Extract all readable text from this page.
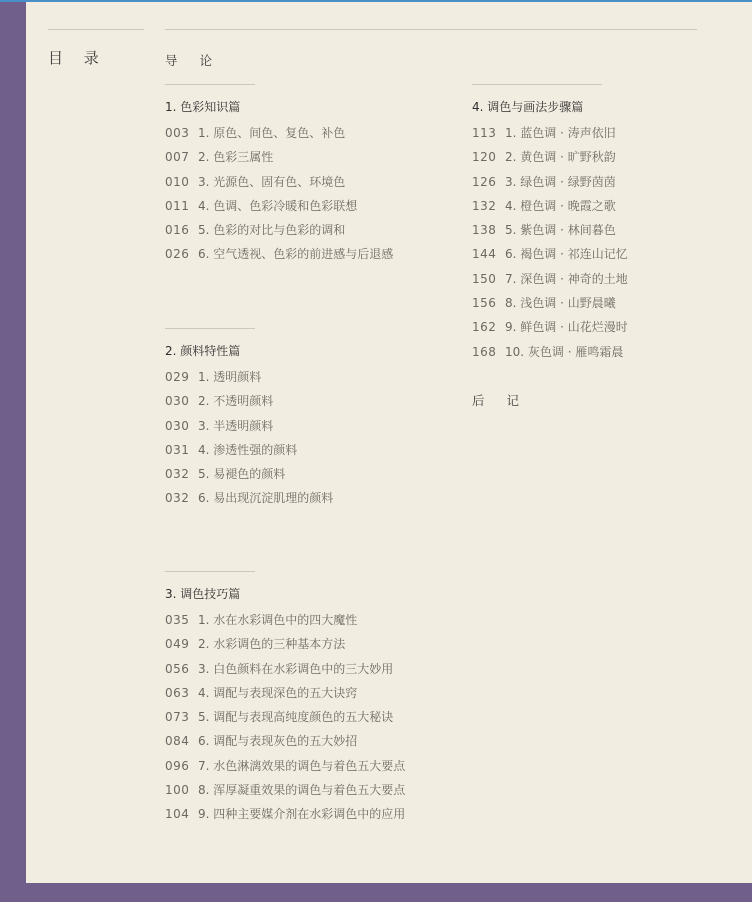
目 录	导 论
1. 色彩知识篇
003 1. 原色、间色、复色、补色
007 2. 色彩三属性
010 3. 光源色、固有色、环境色
011 4. 色调、色彩冷暖和色彩联想
016 5. 色彩的对比与色彩的调和
026 6. 空气透视、色彩的前进感与后退感
2. 颜料特性篇
029 1. 透明颜料
030 2. 不透明颜料
030 3. 半透明颜料
031 4. 渗透性强的颜料
032 5. 易褪色的颜料
032 6. 易出现沉淀肌理的颜料
3. 调色技巧篇
035 1. 水在水彩调色中的四大魔性
049 2. 水彩调色的三种基本方法
056 3. 白色颜料在水彩调色中的三大妙用
063 4. 调配与表现深色的五大诀窍
073 5. 调配与表现高纯度颜色的五大秘诀
084 6. 调配与表现灰色的五大妙招
096 7. 水色淋漓效果的调色与着色五大要点
100 8. 浑厚凝重效果的调色与着色五大要点
104 9. 四种主要媒介剂在水彩调色中的应用
4. 调色与画法步骤篇
113 1. 蓝色调 · 涛声依旧
120 2. 黄色调 · 旷野秋韵
126 3. 绿色调 · 绿野茵茵
132 4. 橙色调 · 晚霞之歌
138 5. 紫色调 · 林间暮色
144 6. 褐色调 · 祁连山记忆
150 7. 深色调 · 神奇的土地
156 8. 浅色调 · 山野晨曦
162 9. 鲜色调 · 山花烂漫时
168 10. 灰色调 · 雁鸣霜晨
后 记
